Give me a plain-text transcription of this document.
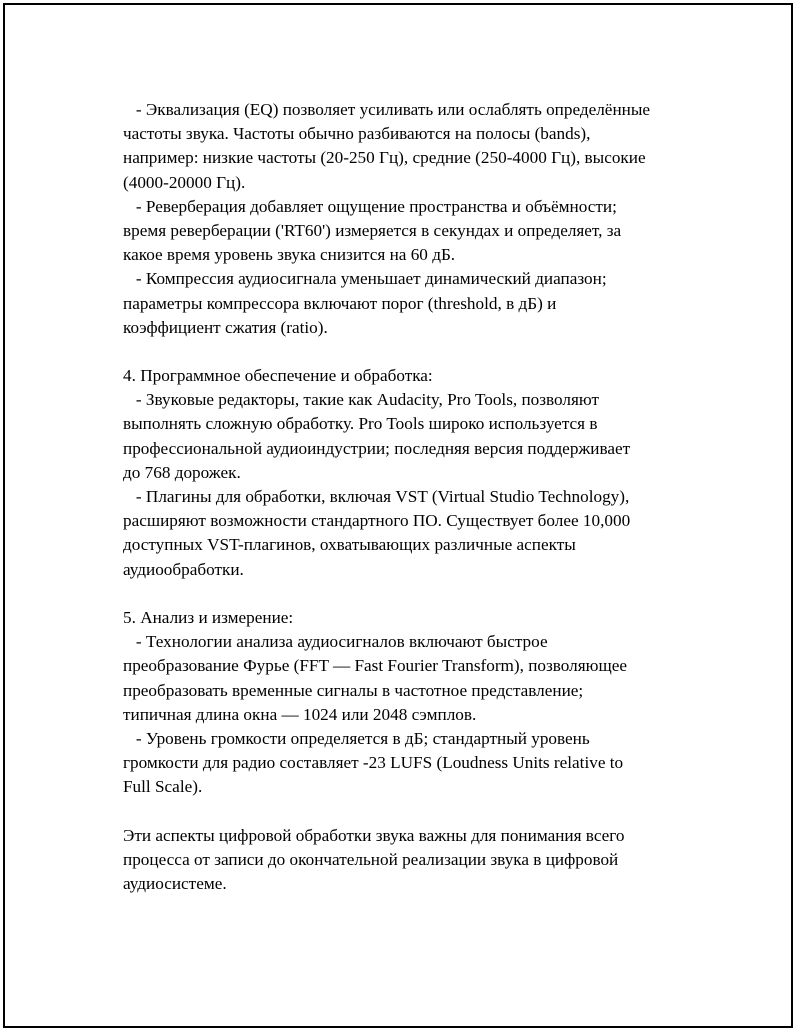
- Эквализация (EQ) позволяет усиливать или ослаблять определённые
частоты звука. Частоты обычно разбиваются на полосы (bands),
например: низкие частоты (20-250 Гц), средние (250-4000 Гц), высокие
(4000-20000 Гц).
- Реверберация добавляет ощущение пространства и объёмности;
время реверберации ('RT60') измеряется в секундах и определяет, за
какое время уровень звука снизится на 60 дБ.
- Компрессия аудиосигнала уменьшает динамический диапазон;
параметры компрессора включают порог (threshold, в дБ) и
коэффициент сжатия (ratio).
4. Программное обеспечение и обработка:
- Звуковые редакторы, такие как Audacity, Pro Tools, позволяют
выполнять сложную обработку. Pro Tools широко используется в
профессиональной аудиоиндустрии; последняя версия поддерживает
до 768 дорожек.
- Плагины для обработки, включая VST (Virtual Studio Technology),
расширяют возможности стандартного ПО. Существует более 10,000
доступных VST-плагинов, охватывающих различные аспекты
аудиообработки.
5. Анализ и измерение:
- Технологии анализа аудиосигналов включают быстрое
преобразование Фурье (FFT — Fast Fourier Transform), позволяющее
преобразовать временные сигналы в частотное представление;
типичная длина окна — 1024 или 2048 сэмплов.
- Уровень громкости определяется в дБ; стандартный уровень
громкости для радио составляет -23 LUFS (Loudness Units relative to
Full Scale).
Эти аспекты цифровой обработки звука важны для понимания всего
процесса от записи до окончательной реализации звука в цифровой
аудиосистеме.
